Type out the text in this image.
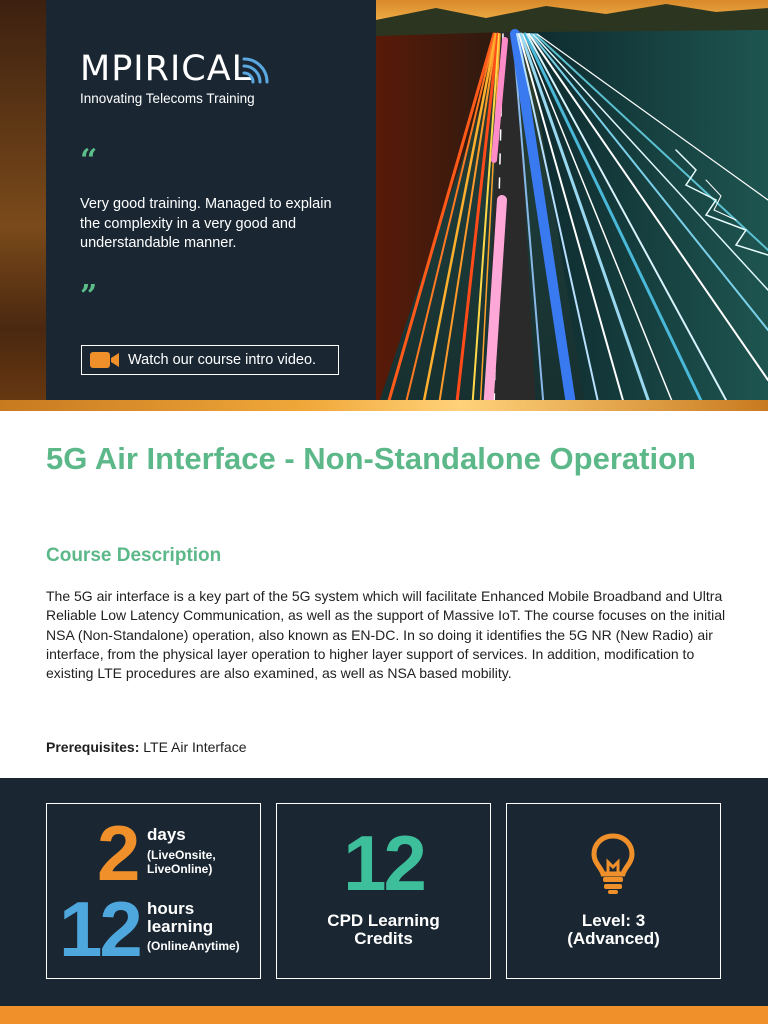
MPIRICAL
Innovating Telecoms Training
“
Very good training. Managed to explain the complexity in a very good and understandable manner.
”
Watch our course intro video.
5G Air Interface - Non-Standalone Operation
Course Description

The 5G air interface is a key part of the 5G system which will facilitate Enhanced Mobile Broadband and Ultra Reliable Low Latency Communication, as well as the support of Massive IoT. The course focuses on the initial NSA (Non-Standalone) operation, also known as EN-DC. In so doing it identifies the 5G NR (New Radio) air interface, from the physical layer operation to higher layer support of services. In addition, modification to existing LTE procedures are also examined, as well as NSA based mobility.

Prerequisites: LTE Air Interface

2 days
(LiveOnsite,
LiveOnline)
12 hours
learning
(OnlineAnytime)
12
CPD Learning
Credits
Level: 3
(Advanced)
